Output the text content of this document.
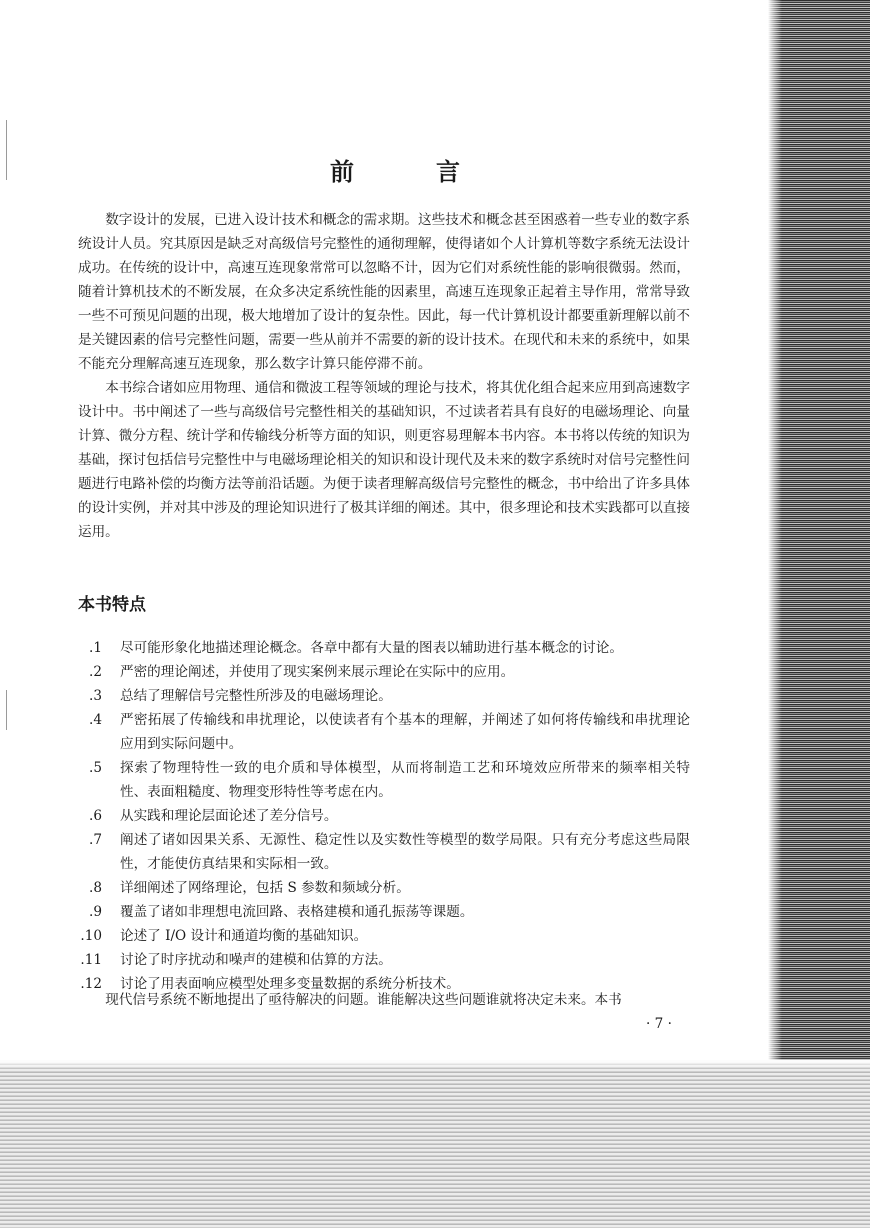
前	言

数字设计的发展，已进入设计技术和概念的需求期。这些技术和概念甚至困惑着一些专业的数字系统设计人员。究其原因是缺乏对高级信号完整性的通彻理解，使得诸如个人计算机等数字系统无法设计成功。在传统的设计中，高速互连现象常常可以忽略不计，因为它们对系统性能的影响很微弱。然而，随着计算机技术的不断发展，在众多决定系统性能的因素里，高速互连现象正起着主导作用，常常导致一些不可预见问题的出现，极大地增加了设计的复杂性。因此，每一代计算机设计都要重新理解以前不是关键因素的信号完整性问题，需要一些从前并不需要的新的设计技术。在现代和未来的系统中，如果不能充分理解高速互连现象，那么数字计算只能停滞不前。

本书综合诸如应用物理、通信和微波工程等领域的理论与技术，将其优化组合起来应用到高速数字设计中。书中阐述了一些与高级信号完整性相关的基础知识，不过读者若具有良好的电磁场理论、向量计算、微分方程、统计学和传输线分析等方面的知识，则更容易理解本书内容。本书将以传统的知识为基础，探讨包括信号完整性中与电磁场理论相关的知识和设计现代及未来的数字系统时对信号完整性问题进行电路补偿的均衡方法等前沿话题。为便于读者理解高级信号完整性的概念，书中给出了许多具体的设计实例，并对其中涉及的理论知识进行了极其详细的阐述。其中，很多理论和技术实践都可以直接运用。

本书特点
1. 尽可能形象化地描述理论概念。各章中都有大量的图表以辅助进行基本概念的讨论。
2. 严密的理论阐述，并使用了现实案例来展示理论在实际中的应用。
3. 总结了理解信号完整性所涉及的电磁场理论。
4. 严密拓展了传输线和串扰理论，以使读者有个基本的理解，并阐述了如何将传输线和串扰理论应用到实际问题中。
5. 探索了物理特性一致的电介质和导体模型，从而将制造工艺和环境效应所带来的频率相关特性、表面粗糙度、物理变形特性等考虑在内。
6. 从实践和理论层面论述了差分信号。
7. 阐述了诸如因果关系、无源性、稳定性以及实数性等模型的数学局限。只有充分考虑这些局限性，才能使仿真结果和实际相一致。
8. 详细阐述了网络理论，包括 S 参数和频域分析。
9. 覆盖了诸如非理想电流回路、表格建模和通孔振荡等课题。
10. 论述了 I/O 设计和通道均衡的基础知识。
11. 讨论了时序扰动和噪声的建模和估算的方法。
12. 讨论了用表面响应模型处理多变量数据的系统分析技术。
现代信号系统不断地提出了亟待解决的问题。谁能解决这些问题谁就将决定未来。本书
· 7 ·
